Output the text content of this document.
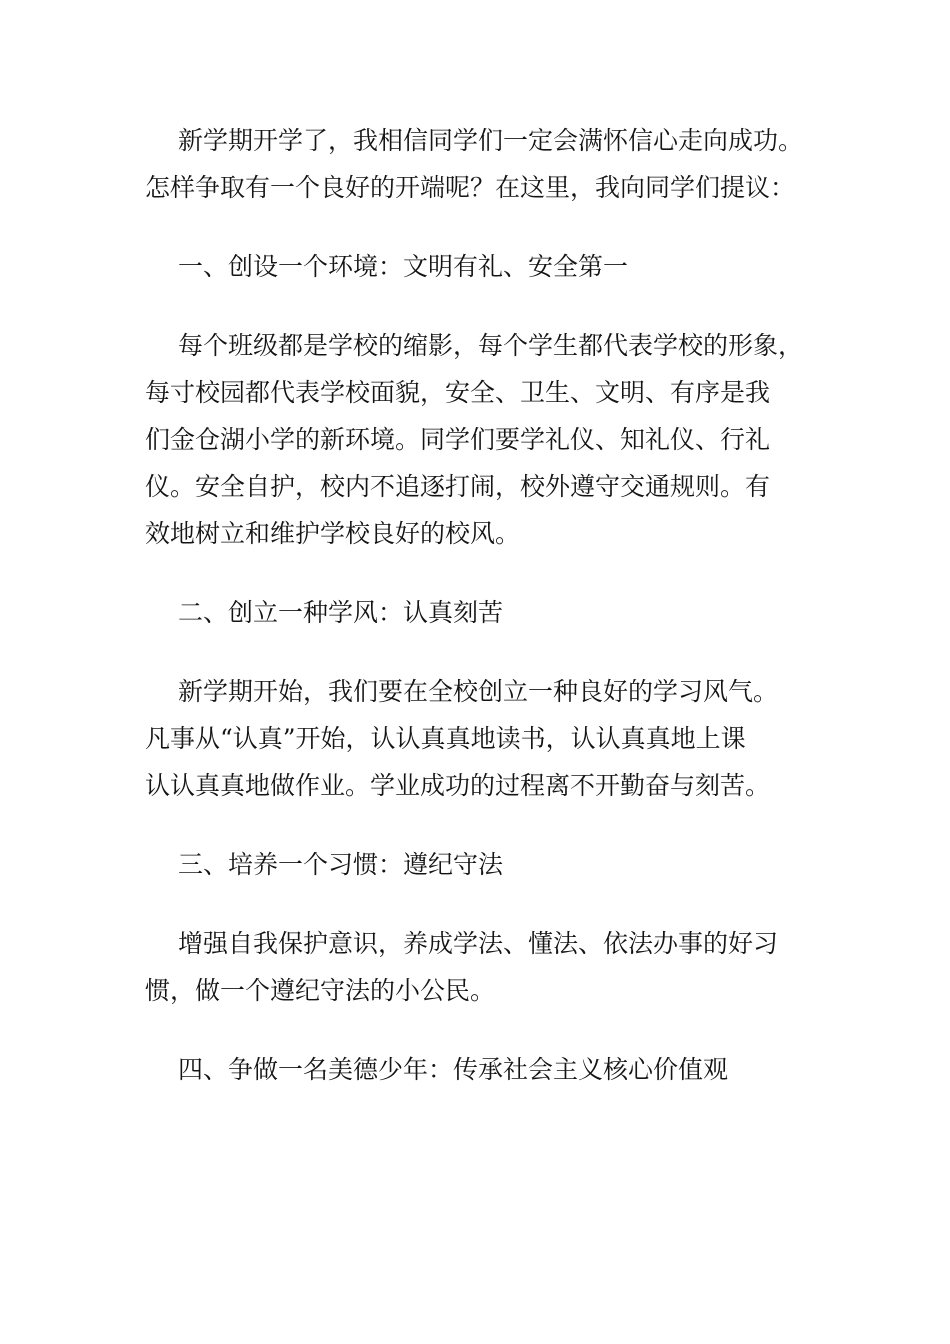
新学期开学了，我相信同学们一定会满怀信心走向成功。
怎样争取有一个良好的开端呢？在这里，我向同学们提议：

一、创设一个环境：文明有礼、安全第一

每个班级都是学校的缩影，每个学生都代表学校的形象，
每寸校园都代表学校面貌，安全、卫生、文明、有序是我
们金仓湖小学的新环境。同学们要学礼仪、知礼仪、行礼
仪。安全自护，校内不追逐打闹，校外遵守交通规则。有
效地树立和维护学校良好的校风。

二、创立一种学风：认真刻苦

新学期开始，我们要在全校创立一种良好的学习风气。
凡事从“认真”开始，认认真真地读书，认认真真地上课
认认真真地做作业。学业成功的过程离不开勤奋与刻苦。

三、培养一个习惯：遵纪守法

增强自我保护意识，养成学法、懂法、依法办事的好习
惯，做一个遵纪守法的小公民。

四、争做一名美德少年：传承社会主义核心价值观
